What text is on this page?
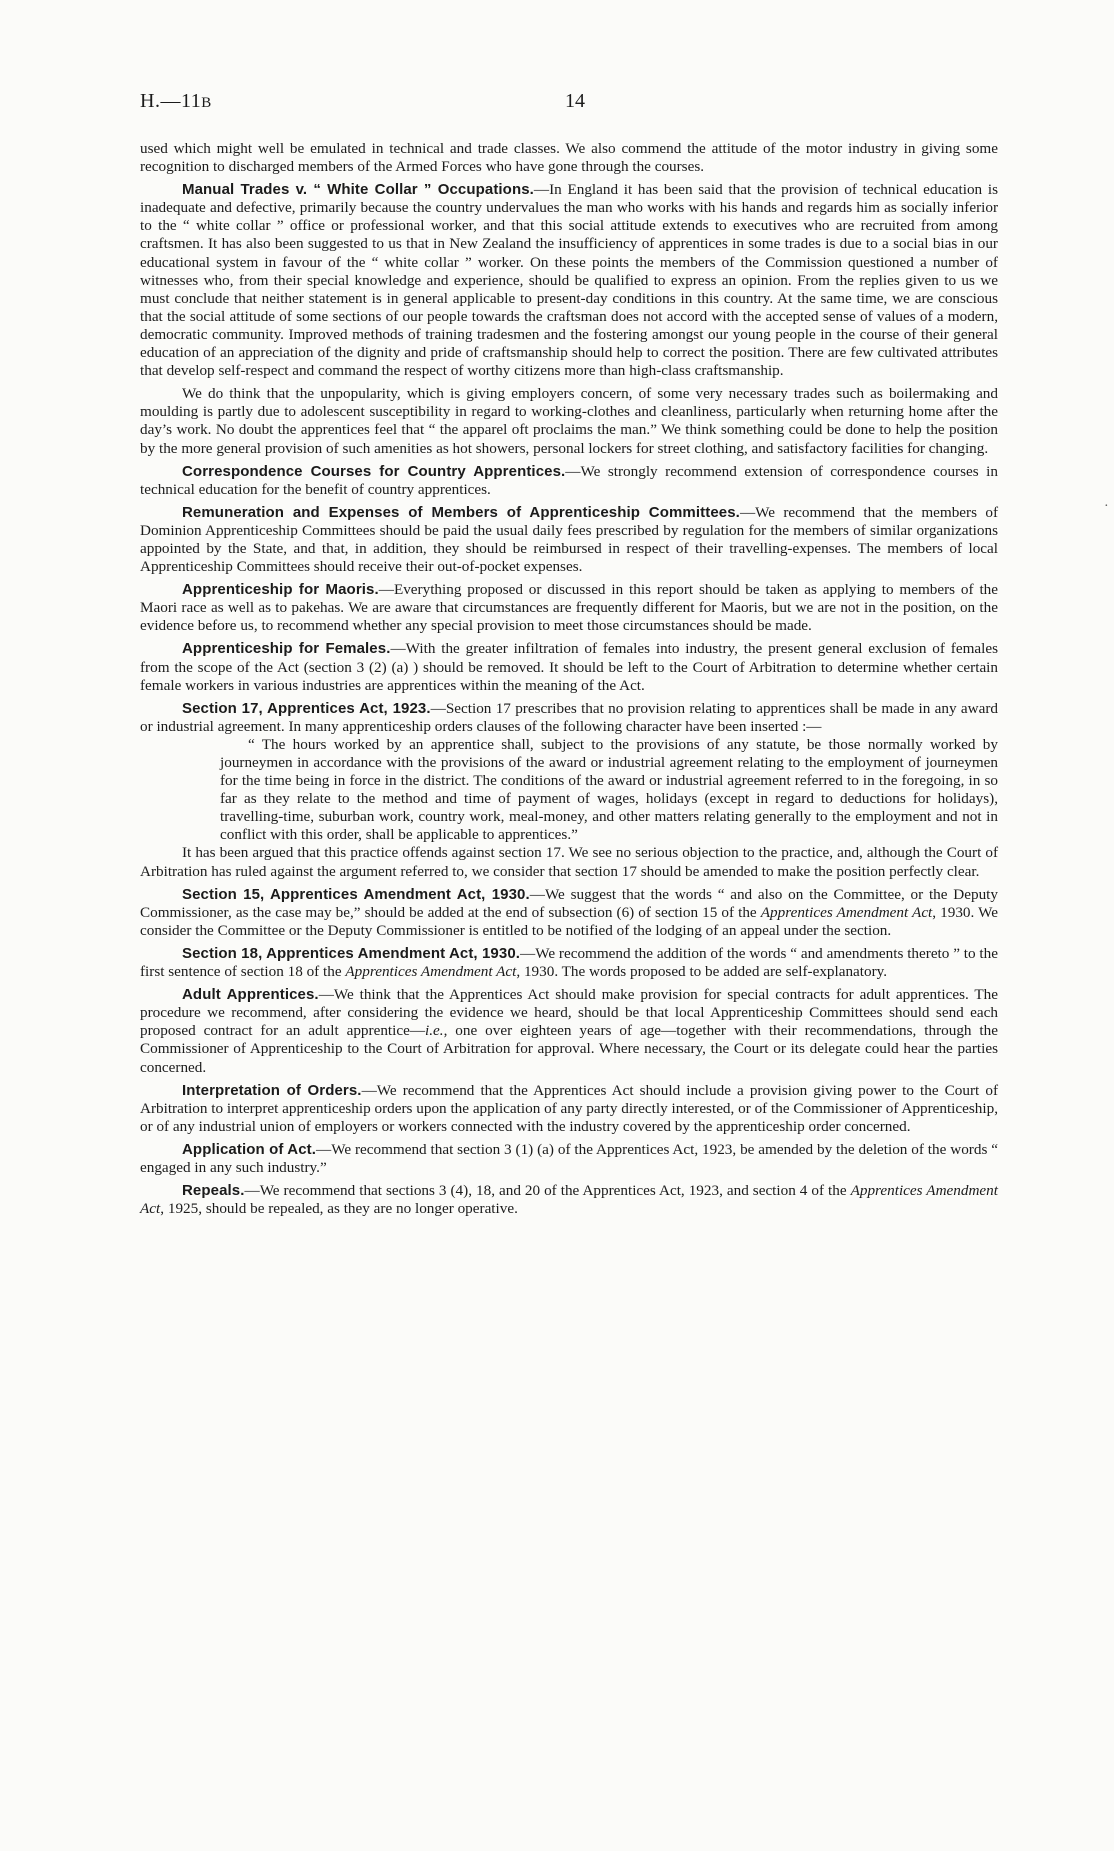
H.—11B	14
·

used which might well be emulated in technical and trade classes. We also commend the attitude of the motor industry in giving some recognition to discharged members of the Armed Forces who have gone through the courses.

Manual Trades v. “ White Collar ” Occupations.—In England it has been said that the provision of technical education is inadequate and defective, primarily because the country undervalues the man who works with his hands and regards him as socially inferior to the “ white collar ” office or professional worker, and that this social attitude extends to executives who are recruited from among craftsmen. It has also been suggested to us that in New Zealand the insufficiency of apprentices in some trades is due to a social bias in our educational system in favour of the “ white collar ” worker. On these points the members of the Commission questioned a number of witnesses who, from their special knowledge and experience, should be qualified to express an opinion. From the replies given to us we must conclude that neither statement is in general applicable to present-day conditions in this country. At the same time, we are conscious that the social attitude of some sections of our people towards the craftsman does not accord with the accepted sense of values of a modern, democratic community. Improved methods of training tradesmen and the fostering amongst our young people in the course of their general education of an appreciation of the dignity and pride of craftsmanship should help to correct the position. There are few cultivated attributes that develop self-respect and command the respect of worthy citizens more than high-class craftsmanship.

We do think that the unpopularity, which is giving employers concern, of some very necessary trades such as boilermaking and moulding is partly due to adolescent susceptibility in regard to working-clothes and cleanliness, particularly when returning home after the day’s work. No doubt the apprentices feel that “ the apparel oft proclaims the man.” We think something could be done to help the position by the more general provision of such amenities as hot showers, personal lockers for street clothing, and satisfactory facilities for changing.

Correspondence Courses for Country Apprentices.—We strongly recommend extension of correspondence courses in technical education for the benefit of country apprentices.

Remuneration and Expenses of Members of Apprenticeship Committees.—We recommend that the members of Dominion Apprenticeship Committees should be paid the usual daily fees prescribed by regulation for the members of similar organizations appointed by the State, and that, in addition, they should be reimbursed in respect of their travelling-expenses. The members of local Apprenticeship Committees should receive their out-of-pocket expenses.

Apprenticeship for Maoris.—Everything proposed or discussed in this report should be taken as applying to members of the Maori race as well as to pakehas. We are aware that circumstances are frequently different for Maoris, but we are not in the position, on the evidence before us, to recommend whether any special provision to meet those circumstances should be made.

Apprenticeship for Females.—With the greater infiltration of females into industry, the present general exclusion of females from the scope of the Act (section 3 (2) (a) ) should be removed. It should be left to the Court of Arbitration to determine whether certain female workers in various industries are apprentices within the meaning of the Act.

Section 17, Apprentices Act, 1923.—Section 17 prescribes that no provision relating to apprentices shall be made in any award or industrial agreement. In many apprenticeship orders clauses of the following character have been inserted :—

“ The hours worked by an apprentice shall, subject to the provisions of any statute, be those normally worked by journeymen in accordance with the provisions of the award or industrial agreement relating to the employment of journeymen for the time being in force in the district. The conditions of the award or industrial agreement referred to in the foregoing, in so far as they relate to the method and time of payment of wages, holidays (except in regard to deductions for holidays), travelling-time, suburban work, country work, meal-money, and other matters relating generally to the employment and not in conflict with this order, shall be applicable to apprentices.”

It has been argued that this practice offends against section 17. We see no serious objection to the practice, and, although the Court of Arbitration has ruled against the argument referred to, we consider that section 17 should be amended to make the position perfectly clear.

Section 15, Apprentices Amendment Act, 1930.—We suggest that the words “ and also on the Committee, or the Deputy Commissioner, as the case may be,” should be added at the end of subsection (6) of section 15 of the Apprentices Amendment Act, 1930. We consider the Committee or the Deputy Commissioner is entitled to be notified of the lodging of an appeal under the section.

Section 18, Apprentices Amendment Act, 1930.—We recommend the addition of the words “ and amendments thereto ” to the first sentence of section 18 of the Apprentices Amendment Act, 1930. The words proposed to be added are self-explanatory.

Adult Apprentices.—We think that the Apprentices Act should make provision for special contracts for adult apprentices. The procedure we recommend, after considering the evidence we heard, should be that local Apprenticeship Committees should send each proposed contract for an adult apprentice—i.e., one over eighteen years of age—together with their recommendations, through the Commissioner of Apprenticeship to the Court of Arbitration for approval. Where necessary, the Court or its delegate could hear the parties concerned.

Interpretation of Orders.—We recommend that the Apprentices Act should include a provision giving power to the Court of Arbitration to interpret apprenticeship orders upon the application of any party directly interested, or of the Commissioner of Apprenticeship, or of any industrial union of employers or workers connected with the industry covered by the apprenticeship order concerned.

Application of Act.—We recommend that section 3 (1) (a) of the Apprentices Act, 1923, be amended by the deletion of the words “ engaged in any such industry.”

Repeals.—We recommend that sections 3 (4), 18, and 20 of the Apprentices Act, 1923, and section 4 of the Apprentices Amendment Act, 1925, should be repealed, as they are no longer operative.
